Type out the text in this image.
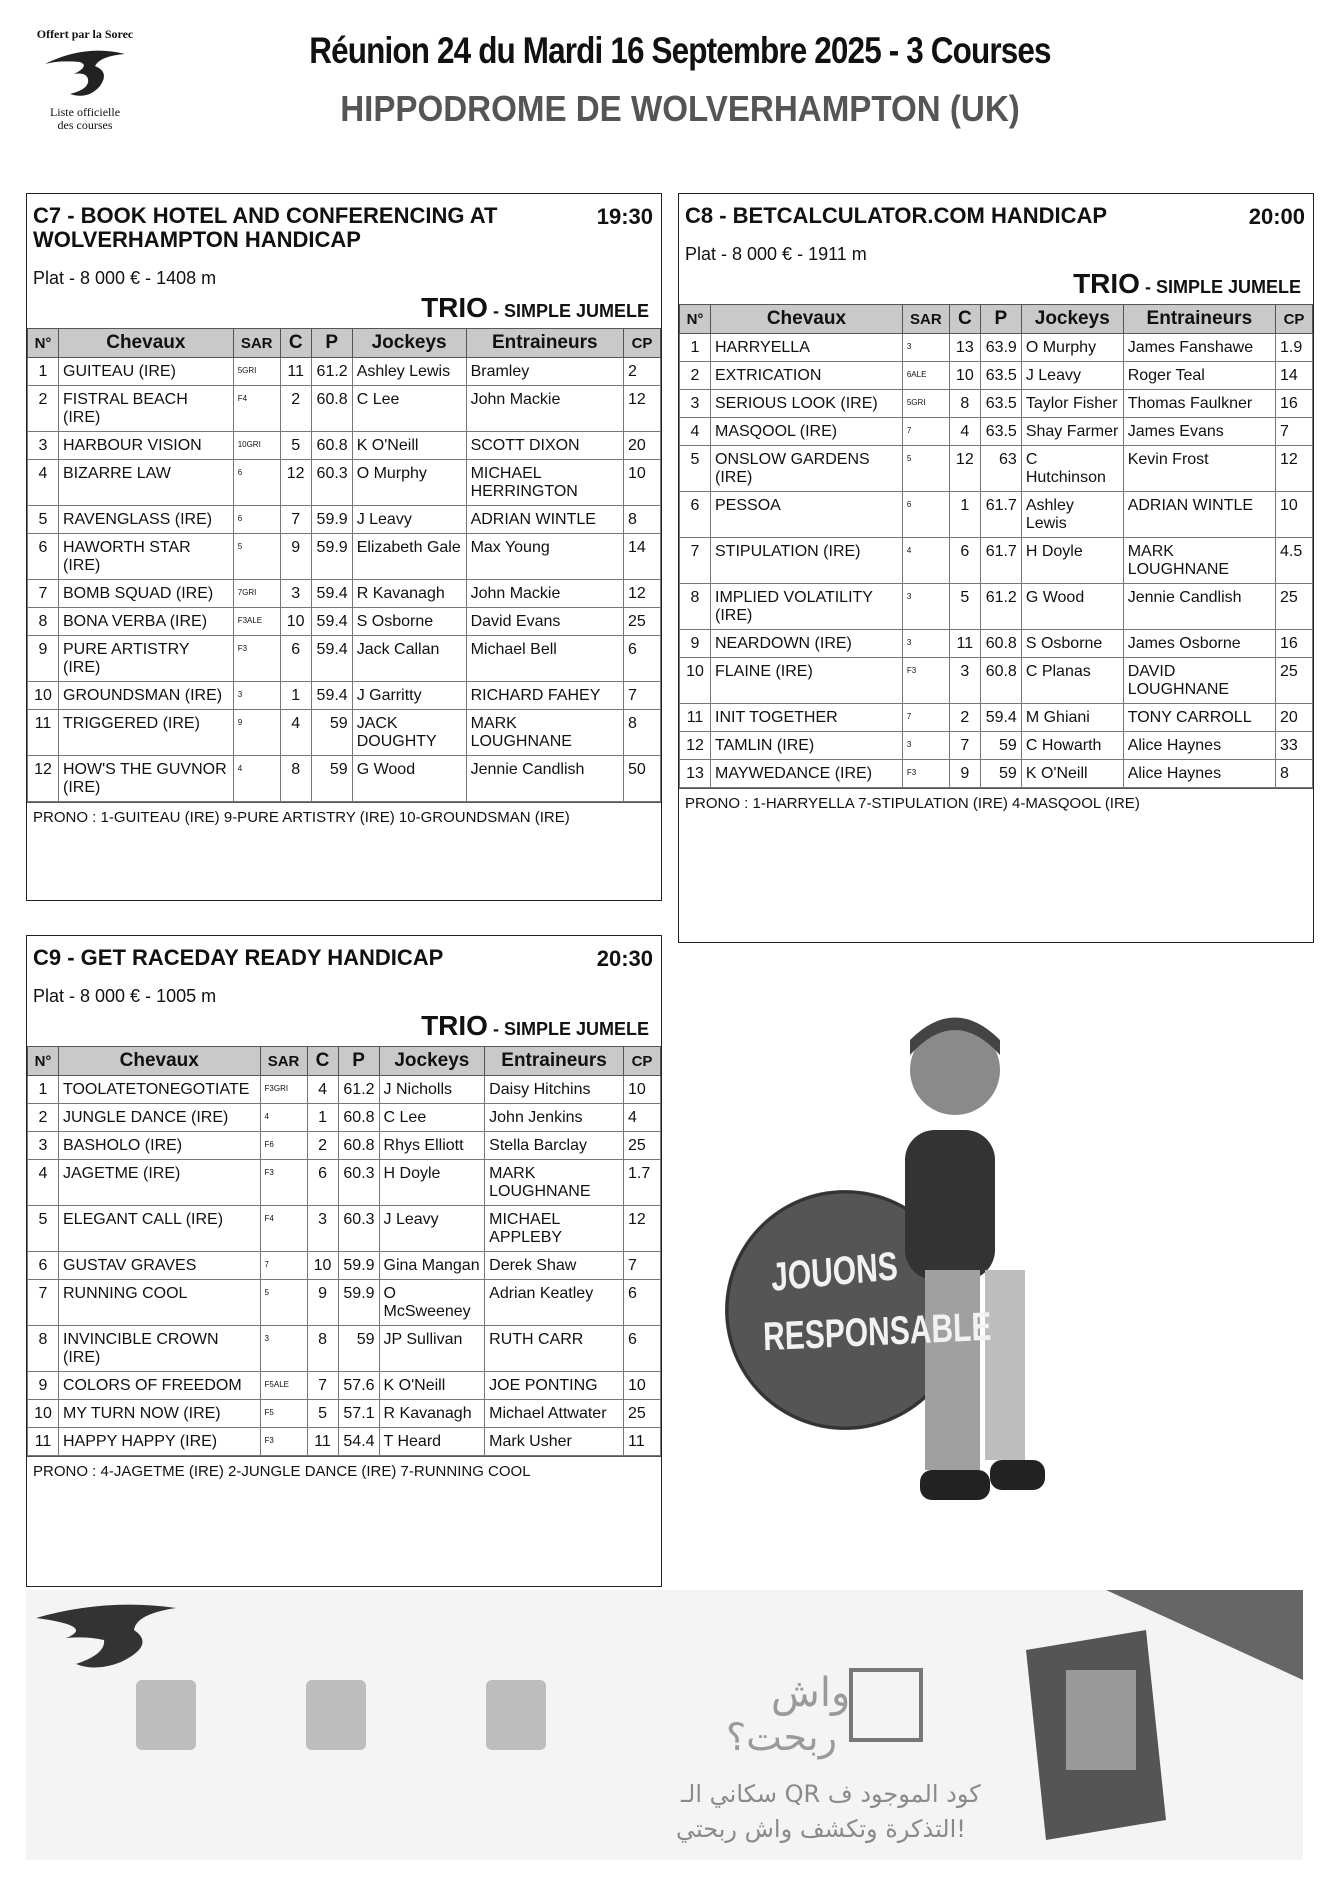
Offert par la Sorec
Liste officielle
des courses
Réunion 24 du Mardi 16 Septembre 2025 - 3 Courses
HIPPODROME DE WOLVERHAMPTON (UK)
C7 - BOOK HOTEL AND CONFERENCING AT WOLVERHAMPTON HANDICAP
19:30
Plat - 8 000 € - 1408 m
TRIO - SIMPLE JUMELE
N°	Chevaux	SAR	C	P	Jockeys	Entraineurs	CP
1	GUITEAU (IRE)	5GRI	11	61.2	Ashley Lewis	Bramley	2
2	FISTRAL BEACH (IRE)	F4	2	60.8	C Lee	John Mackie	12
3	HARBOUR VISION	10GRI	5	60.8	K O'Neill	SCOTT DIXON	20
4	BIZARRE LAW	6	12	60.3	O Murphy	MICHAEL HERRINGTON	10
5	RAVENGLASS (IRE)	6	7	59.9	J Leavy	ADRIAN WINTLE	8
6	HAWORTH STAR (IRE)	5	9	59.9	Elizabeth Gale	Max Young	14
7	BOMB SQUAD (IRE)	7GRI	3	59.4	R Kavanagh	John Mackie	12
8	BONA VERBA (IRE)	F3ALE	10	59.4	S Osborne	David Evans	25
9	PURE ARTISTRY (IRE)	F3	6	59.4	Jack Callan	Michael Bell	6
10	GROUNDSMAN (IRE)	3	1	59.4	J Garritty	RICHARD FAHEY	7
11	TRIGGERED (IRE)	9	4	59	JACK DOUGHTY	MARK LOUGHNANE	8
12	HOW'S THE GUVNOR (IRE)	4	8	59	G Wood	Jennie Candlish	50
PRONO : 1-GUITEAU (IRE) 9-PURE ARTISTRY (IRE) 10-GROUNDSMAN (IRE)
C8 - BETCALCULATOR.COM HANDICAP	20:00
Plat - 8 000 € - 1911 m
TRIO - SIMPLE JUMELE
N°	Chevaux	SAR	C	P	Jockeys	Entraineurs	CP
1	HARRYELLA	3	13	63.9	O Murphy	James Fanshawe	1.9
2	EXTRICATION	6ALE	10	63.5	J Leavy	Roger Teal	14
3	SERIOUS LOOK (IRE)	5GRI	8	63.5	Taylor Fisher	Thomas Faulkner	16
4	MASQOOL (IRE)	7	4	63.5	Shay Farmer	James Evans	7
5	ONSLOW GARDENS (IRE)	5	12	63	C Hutchinson	Kevin Frost	12
6	PESSOA	6	1	61.7	Ashley Lewis	ADRIAN WINTLE	10
7	STIPULATION (IRE)	4	6	61.7	H Doyle	MARK LOUGHNANE	4.5
8	IMPLIED VOLATILITY (IRE)	3	5	61.2	G Wood	Jennie Candlish	25
9	NEARDOWN (IRE)	3	11	60.8	S Osborne	James Osborne	16
10	FLAINE (IRE)	F3	3	60.8	C Planas	DAVID LOUGHNANE	25
11	INIT TOGETHER	7	2	59.4	M Ghiani	TONY CARROLL	20
12	TAMLIN (IRE)	3	7	59	C Howarth	Alice Haynes	33
13	MAYWEDANCE (IRE)	F3	9	59	K O'Neill	Alice Haynes	8
PRONO : 1-HARRYELLA 7-STIPULATION (IRE) 4-MASQOOL (IRE)
C9 - GET RACEDAY READY HANDICAP	20:30
Plat - 8 000 € - 1005 m
TRIO - SIMPLE JUMELE
N°	Chevaux	SAR	C	P	Jockeys	Entraineurs	CP
1	TOOLATETONEGOTIATE	F3GRI	4	61.2	J Nicholls	Daisy Hitchins	10
2	JUNGLE DANCE (IRE)	4	1	60.8	C Lee	John Jenkins	4
3	BASHOLO (IRE)	F6	2	60.8	Rhys Elliott	Stella Barclay	25
4	JAGETME (IRE)	F3	6	60.3	H Doyle	MARK LOUGHNANE	1.7
5	ELEGANT CALL (IRE)	F4	3	60.3	J Leavy	MICHAEL APPLEBY	12
6	GUSTAV GRAVES	7	10	59.9	Gina Mangan	Derek Shaw	7
7	RUNNING COOL	5	9	59.9	O McSweeney	Adrian Keatley	6
8	INVINCIBLE CROWN (IRE)	3	8	59	JP Sullivan	RUTH CARR	6
9	COLORS OF FREEDOM	F5ALE	7	57.6	K O'Neill	JOE PONTING	10
10	MY TURN NOW (IRE)	F5	5	57.1	R Kavanagh	Michael Attwater	25
11	HAPPY HAPPY (IRE)	F3	11	54.4	T Heard	Mark Usher	11
PRONO : 4-JAGETME (IRE) 2-JUNGLE DANCE (IRE) 7-RUNNING COOL
JOUONS
RESPONSABLE
واش
ربحت؟
سكاني الـ QR كود الموجود ف
التذكرة وتكشف واش ربحتي!
